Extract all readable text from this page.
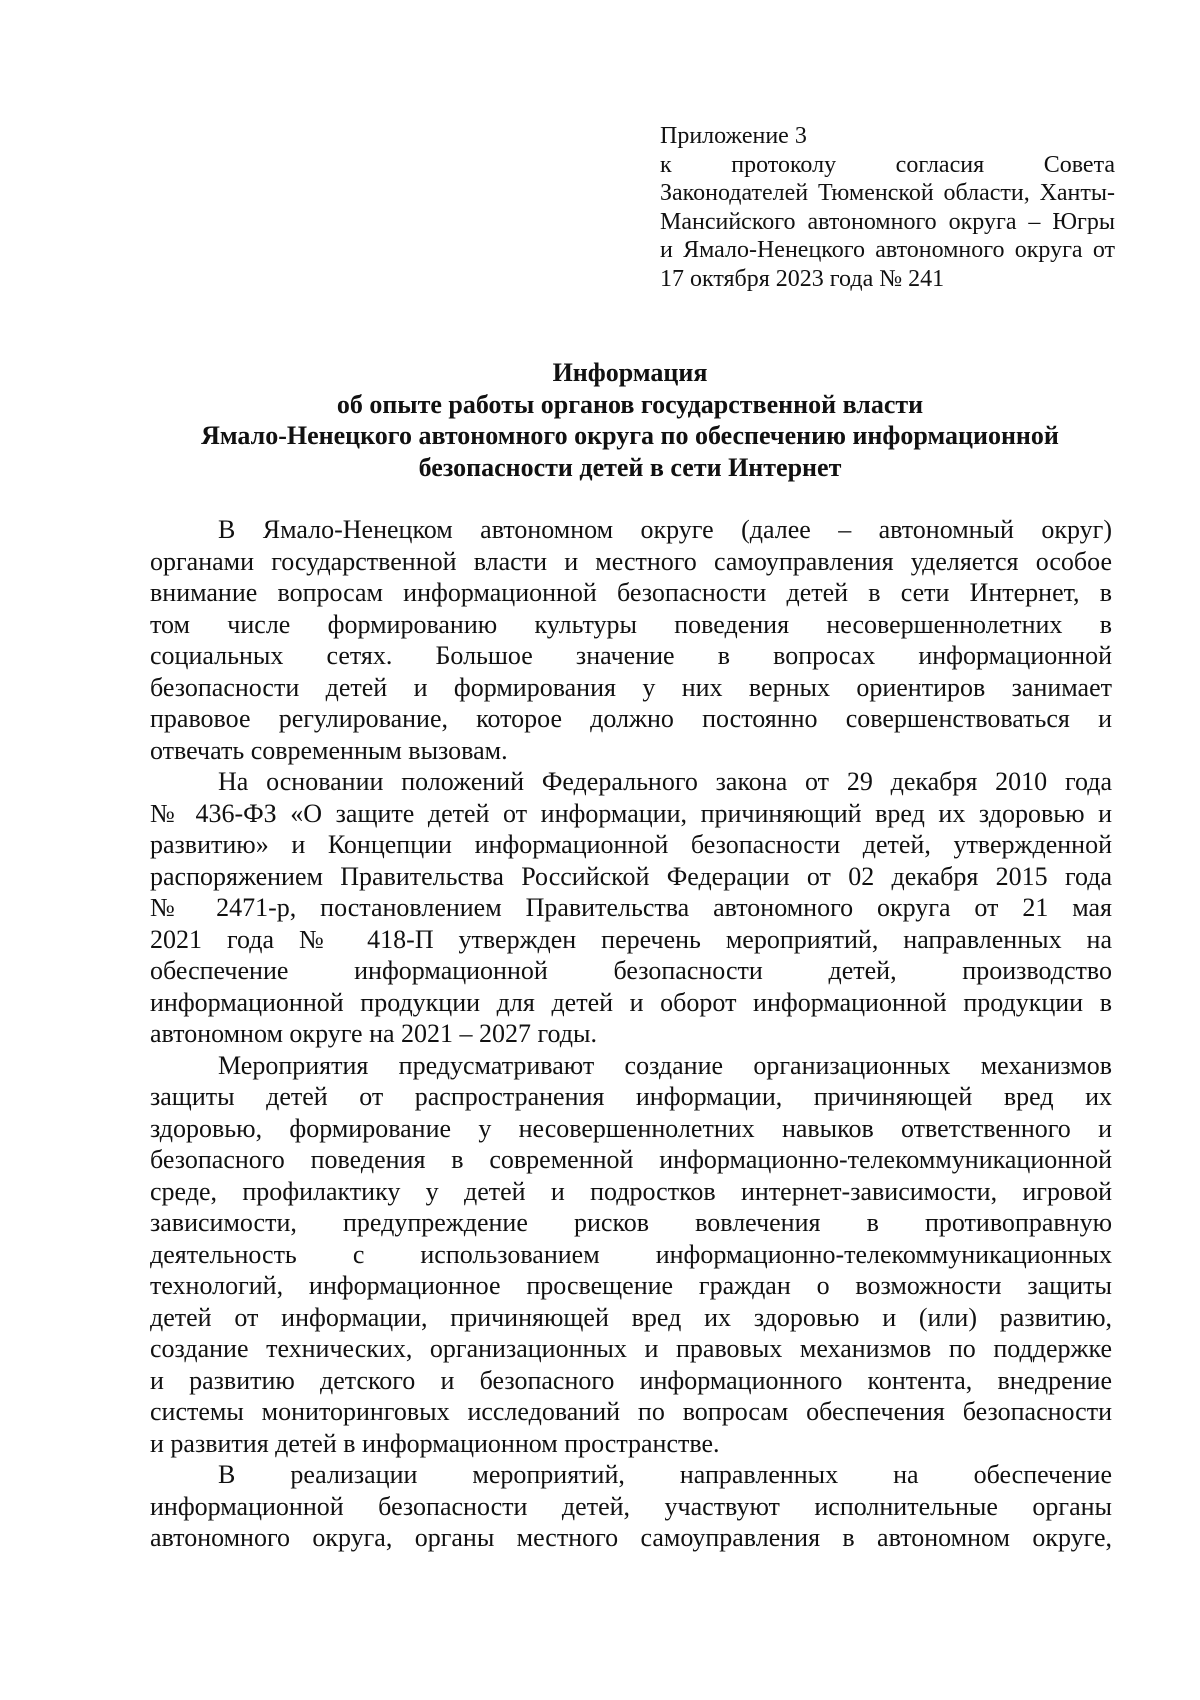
Приложение 3
к протоколу согласия Совета
Законодателей Тюменской области, Ханты-
Мансийского автономного округа – Югры
и Ямало-Ненецкого автономного округа от
17 октября 2023 года № 241
Информация
об опыте работы органов государственной власти
Ямало-Ненецкого автономного округа по обеспечению информационной
безопасности детей в сети Интернет
В Ямало-Ненецком автономном округе (далее – автономный округ)
органами государственной власти и местного самоуправления уделяется особое
внимание вопросам информационной безопасности детей в сети Интернет, в
том числе формированию культуры поведения несовершеннолетних в
социальных сетях. Большое значение в вопросах информационной
безопасности детей и формирования у них верных ориентиров занимает
правовое регулирование, которое должно постоянно совершенствоваться и
отвечать современным вызовам.
На основании положений Федерального закона от 29 декабря 2010 года
№ 436-ФЗ «О защите детей от информации, причиняющий вред их здоровью и
развитию» и Концепции информационной безопасности детей, утвержденной
распоряжением Правительства Российской Федерации от 02 декабря 2015 года
№ 2471-р, постановлением Правительства автономного округа от 21 мая
2021 года № 418-П утвержден перечень мероприятий, направленных на
обеспечение информационной безопасности детей, производство
информационной продукции для детей и оборот информационной продукции в
автономном округе на 2021 – 2027 годы.
Мероприятия предусматривают создание организационных механизмов
защиты детей от распространения информации, причиняющей вред их
здоровью, формирование у несовершеннолетних навыков ответственного и
безопасного поведения в современной информационно-телекоммуникационной
среде, профилактику у детей и подростков интернет-зависимости, игровой
зависимости, предупреждение рисков вовлечения в противоправную
деятельность с использованием информационно-телекоммуникационных
технологий, информационное просвещение граждан о возможности защиты
детей от информации, причиняющей вред их здоровью и (или) развитию,
создание технических, организационных и правовых механизмов по поддержке
и развитию детского и безопасного информационного контента, внедрение
системы мониторинговых исследований по вопросам обеспечения безопасности
и развития детей в информационном пространстве.
В реализации мероприятий, направленных на обеспечение
информационной безопасности детей, участвуют исполнительные органы
автономного округа, органы местного самоуправления в автономном округе,
